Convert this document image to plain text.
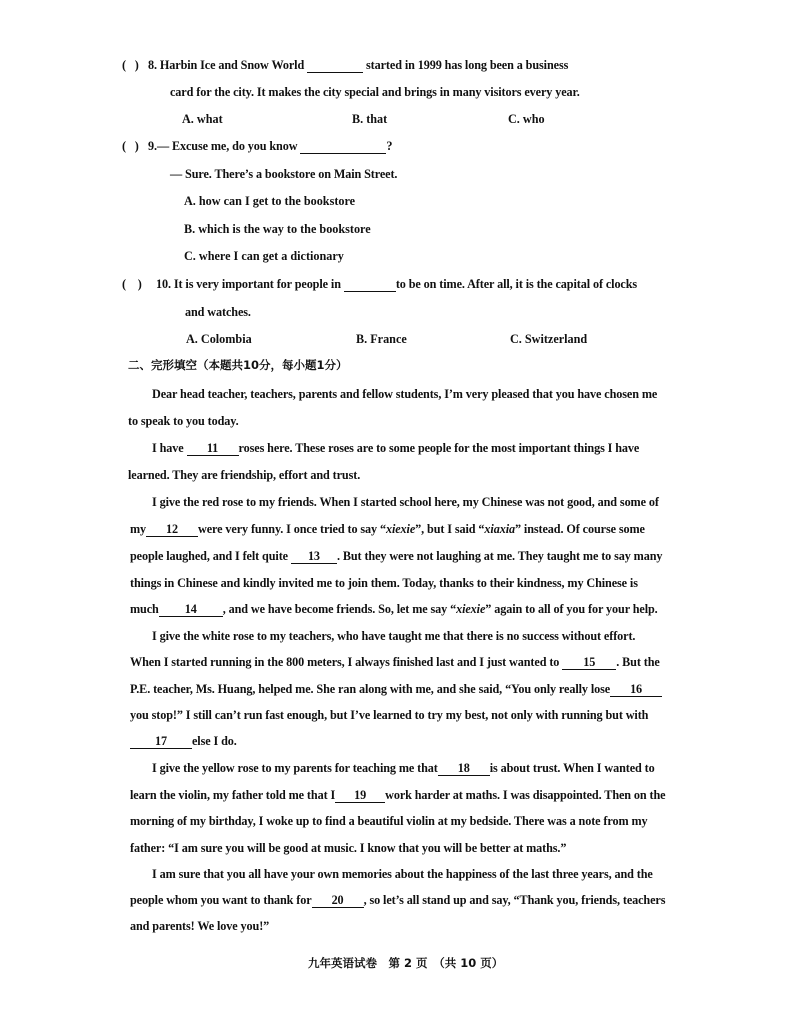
(   ) 8. Harbin Ice and Snow World	started in 1999 has long been a business
card for the city. It makes the city special and brings in many visitors every year.
A. what	B. that	C. who
(   ) 9.— Excuse me, do you know	?
— Sure. There’s a bookstore on Main Street.
A. how can I get to the bookstore
B. which is the way to the bookstore
C. where I can get a dictionary
(    ) 10. It is very important for people in	to be on time. After all, it is the capital of clocks
and watches.
A. Colombia	B. France	C. Switzerland
二、完形填空（本题共10分，每小题1分）
Dear head teacher, teachers, parents and fellow students, I’m very pleased that you have chosen me
to speak to you today.
I have 11 roses here. These roses are to some people for the most important things I have
learned. They are friendship, effort and trust.
I give the red rose to my friends. When I started school here, my Chinese was not good, and some of
my 12 were very funny. I once tried to say “xiexie”, but I said “xiaxia” instead. Of course some
people laughed, and I felt quite 13 . But they were not laughing at me. They taught me to say many
things in Chinese and kindly invited me to join them. Today, thanks to their kindness, my Chinese is
much 14 , and we have become friends. So, let me say “xiexie” again to all of you for your help.
I give the white rose to my teachers, who have taught me that there is no success without effort.
When I started running in the 800 meters, I always finished last and I just wanted to 15 . But the
P.E. teacher, Ms. Huang, helped me. She ran along with me, and she said, “You only really lose 16
you stop!” I still can’t run fast enough, but I’ve learned to try my best, not only with running but with
17 else I do.
I give the yellow rose to my parents for teaching me that 18 is about trust. When I wanted to
learn the violin, my father told me that I 19 work harder at maths. I was disappointed. Then on the
morning of my birthday, I woke up to find a beautiful violin at my bedside. There was a note from my
father: “I am sure you will be good at music. I know that you will be better at maths.”
I am sure that you all have your own memories about the happiness of the last three years, and the
people whom you want to thank for 20 , so let’s all stand up and say, “Thank you, friends, teachers
and parents! We love you!”
九年英语试卷　第 2 页　（共 10 页）
